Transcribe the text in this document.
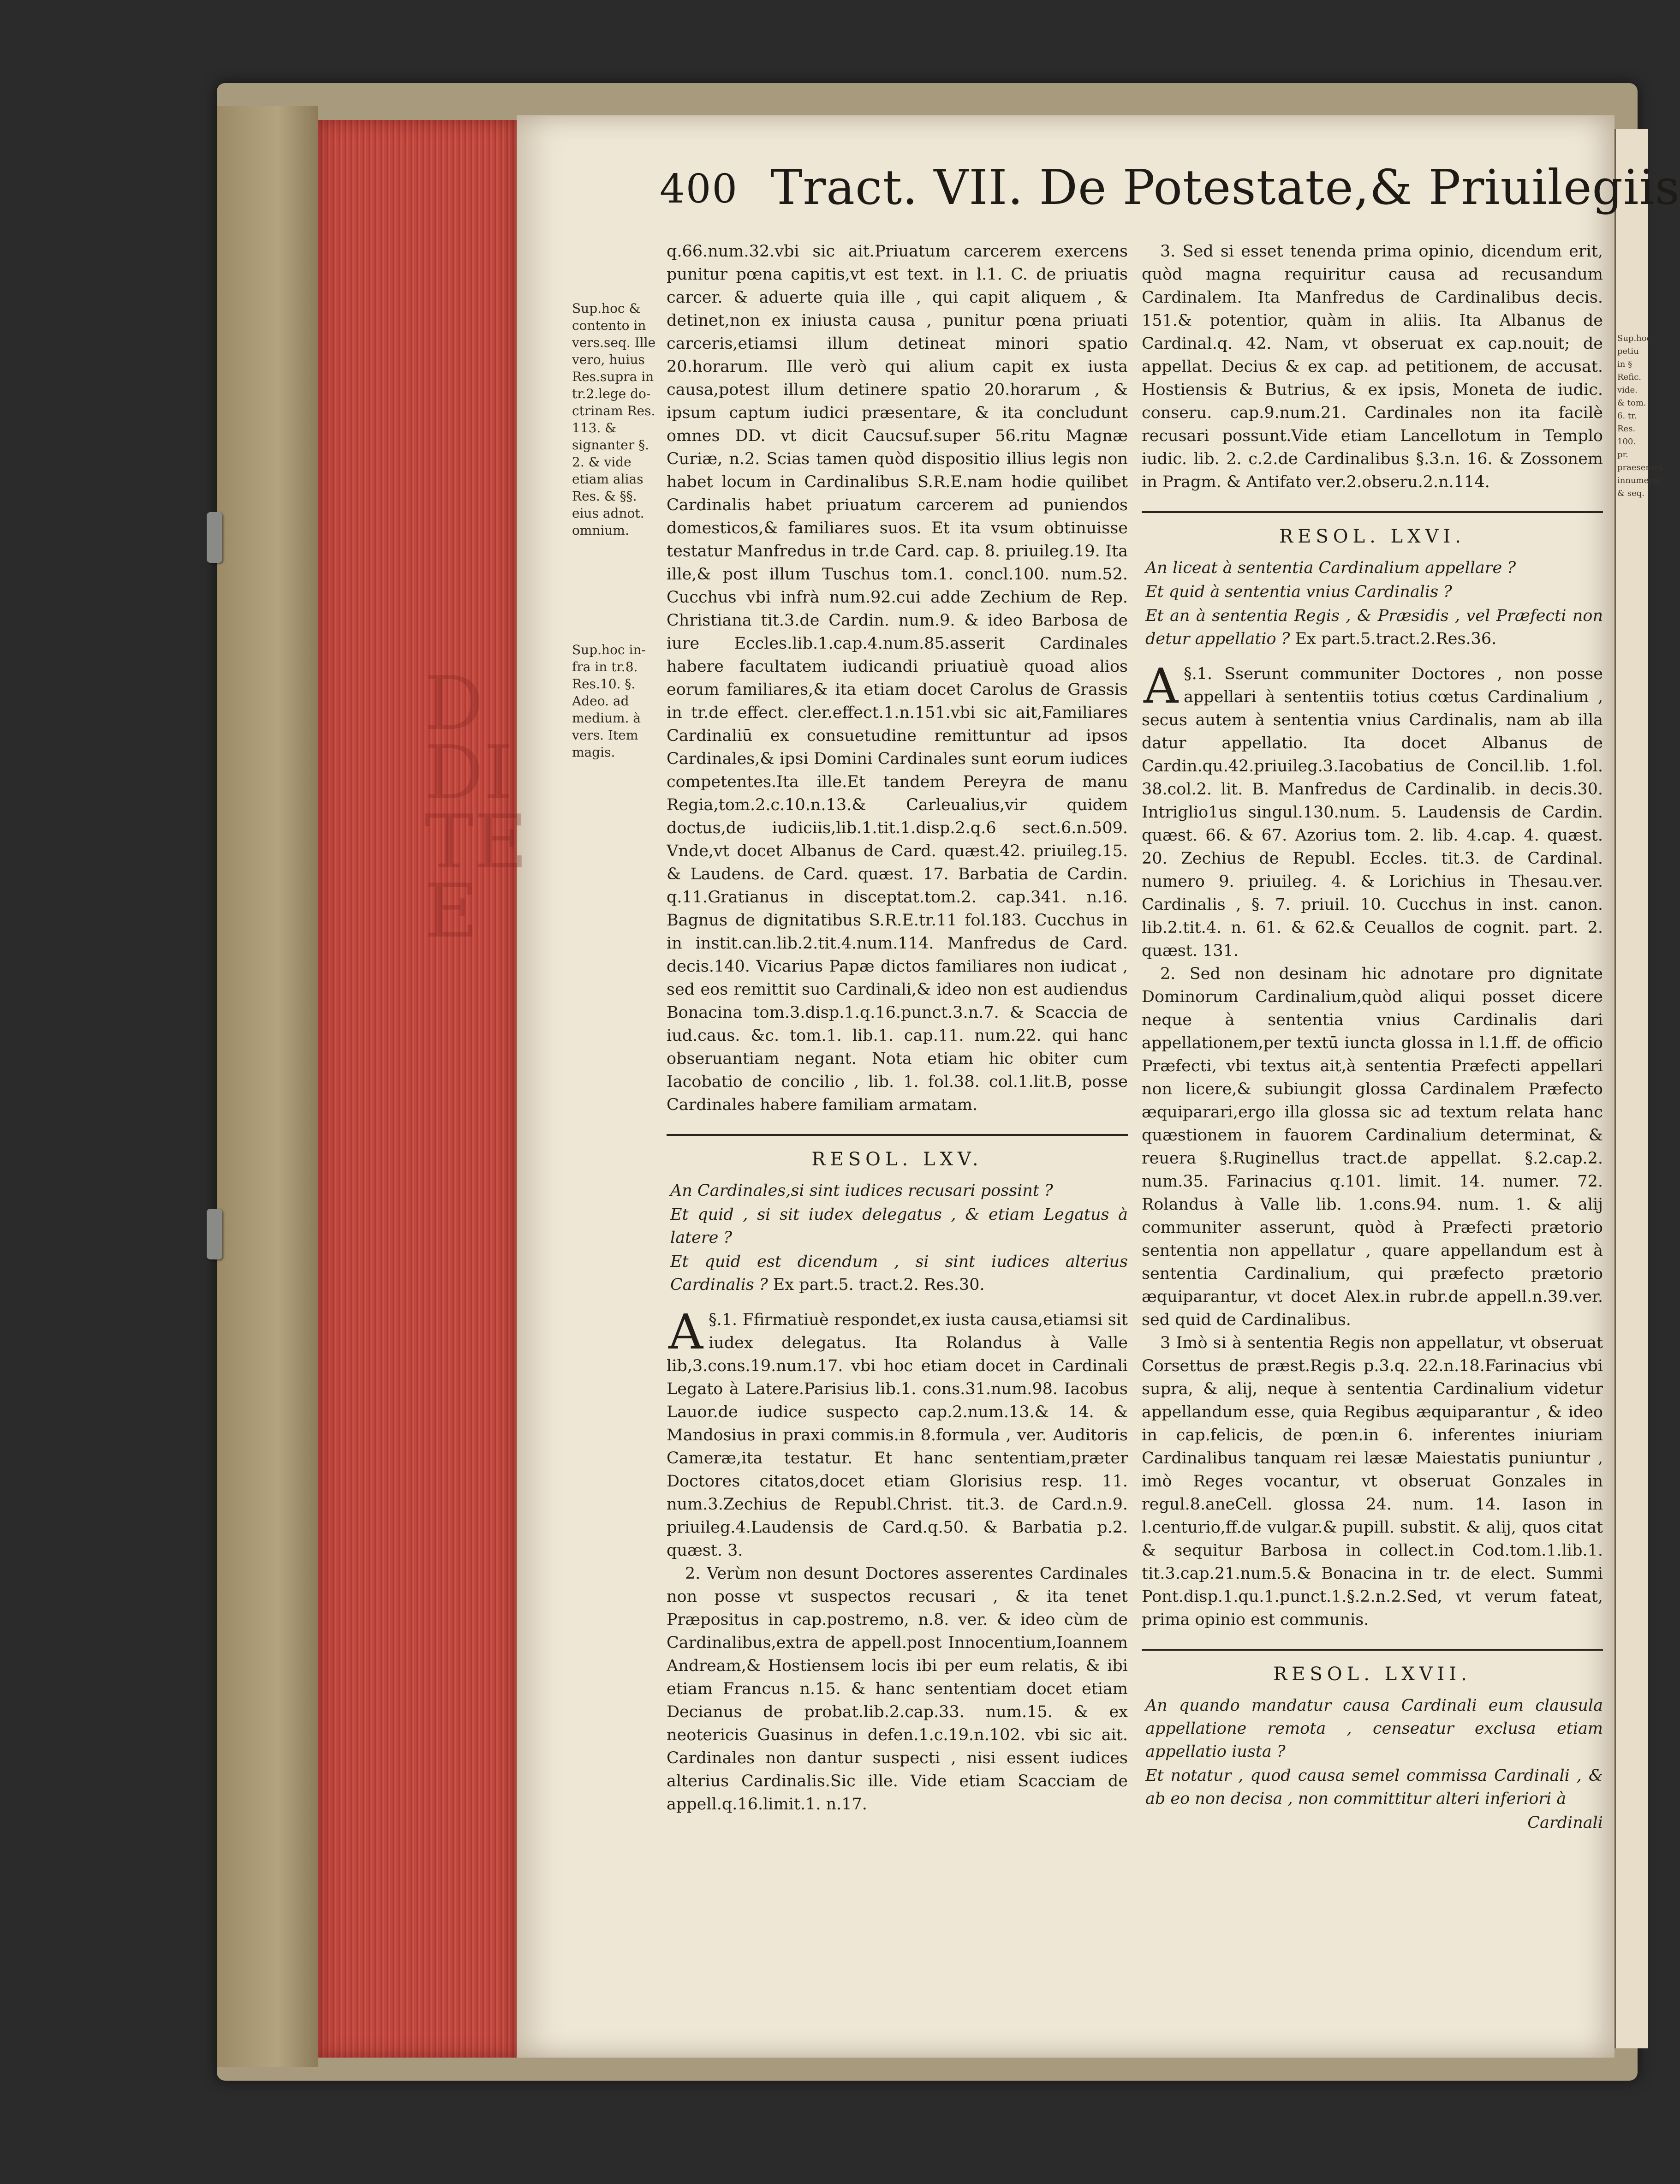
Sup.hoc petiu in § Refic. vide. & tom. 6. tr. Res. 100. pr. praesentet. innumerat. & seq.
D
DI
TE
E
400 Tract. VII. De Potestate,& Priuilegiis
Sup.hoc & contento in vers.seq. Ille vero, huius Res.supra in tr.2.lege do-ctrinam Res. 113. & signanter §. 2. & vide etiam alias Res. & §§. eius adnot. omnium.
Sup.hoc in-fra in tr.8. Res.10. §. Adeo. ad medium. à vers. Item magis.

q.66.num.32.vbi sic ait.Priuatum carcerem exercens punitur pœna capitis,vt est text. in l.1. C. de priuatis carcer. & aduerte quia ille , qui capit aliquem , & detinet,non ex iniusta causa , punitur pœna priuati carceris,etiamsi illum detineat minori spatio 20.horarum. Ille verò qui alium capit ex iusta causa,potest illum detinere spatio 20.horarum , & ipsum captum iudici præsentare, & ita concludunt omnes DD. vt dicit Caucsuf.super 56.ritu Magnæ Curiæ, n.2. Scias tamen quòd dispositio illius legis non habet locum in Cardinalibus S.R.E.nam hodie quilibet Cardinalis habet priuatum carcerem ad puniendos domesticos,& familiares suos. Et ita vsum obtinuisse testatur Manfredus in tr.de Card. cap. 8. priuileg.19. Ita ille,& post illum Tuschus tom.1. concl.100. num.52. Cucchus vbi infrà num.92.cui adde Zechium de Rep. Christiana tit.3.de Cardin. num.9. & ideo Barbosa de iure Eccles.lib.1.cap.4.num.85.asserit Cardinales habere facultatem iudicandi priuatiuè quoad alios eorum familiares,& ita etiam docet Carolus de Grassis in tr.de effect. cler.effect.1.n.151.vbi sic ait,Familiares Cardinaliū ex consuetudine remittuntur ad ipsos Cardinales,& ipsi Domini Cardinales sunt eorum iudices competentes.Ita ille.Et tandem Pereyra de manu Regia,tom.2.c.10.n.13.& Carleualius,vir quidem doctus,de iudiciis,lib.1.tit.1.disp.2.q.6 sect.6.n.509. Vnde,vt docet Albanus de Card. quæst.42. priuileg.15. & Laudens. de Card. quæst. 17. Barbatia de Cardin. q.11.Gratianus in disceptat.tom.2. cap.341. n.16. Bagnus de dignitatibus S.R.E.tr.11 fol.183. Cucchus in in instit.can.lib.2.tit.4.num.114. Manfredus de Card. decis.140. Vicarius Papæ dictos familiares non iudicat , sed eos remittit suo Cardinali,& ideo non est audiendus Bonacina tom.3.disp.1.q.16.punct.3.n.7. & Scaccia de iud.caus. &c. tom.1. lib.1. cap.11. num.22. qui hanc obseruantiam negant. Nota etiam hic obiter cum Iacobatio de concilio , lib. 1. fol.38. col.1.lit.B, posse Cardinales habere familiam armatam.

RESOL. LXV.

An Cardinales,si sint iudices recusari possint ?

Et quid , si sit iudex delegatus , & etiam Legatus à latere ?

Et quid est dicendum , si sint iudices alterius Cardinalis ? Ex part.5. tract.2. Res.30.

§.1.
A Ffirmatiuè respondet,ex iusta causa,etiamsi sit iudex delegatus. Ita Rolandus à Valle lib,3.cons.19.num.17. vbi hoc etiam docet in Cardinali Legato à Latere.Parisius lib.1. cons.31.num.98. Iacobus Lauor.de iudice suspecto cap.2.num.13.& 14. & Mandosius in praxi commis.in 8.formula , ver. Auditoris Cameræ,ita testatur. Et hanc sententiam,præter Doctores citatos,docet etiam Glorisius resp. 11. num.3.Zechius de Republ.Christ. tit.3. de Card.n.9. priuileg.4.Laudensis de Card.q.50. & Barbatia p.2. quæst. 3.

2. Verùm non desunt Doctores asserentes Cardinales non posse vt suspectos recusari , & ita tenet Præpositus in cap.postremo, n.8. ver. & ideo cùm de Cardinalibus,extra de appell.post Innocentium,Ioannem Andream,& Hostiensem locis ibi per eum relatis, & ibi etiam Francus n.15. & hanc sententiam docet etiam Decianus de probat.lib.2.cap.33. num.15. & ex neotericis Guasinus in defen.1.c.19.n.102. vbi sic ait. Cardinales non dantur suspecti , nisi essent iudices alterius Cardinalis.Sic ille. Vide etiam Scacciam de appell.q.16.limit.1. n.17.

3. Sed si esset tenenda prima opinio, dicendum erit, quòd magna requiritur causa ad recusandum Cardinalem. Ita Manfredus de Cardinalibus decis. 151.& potentior, quàm in aliis. Ita Albanus de Cardinal.q. 42. Nam, vt obseruat ex cap.nouit; de appellat. Decius & ex cap. ad petitionem, de accusat. Hostiensis & Butrius, & ex ipsis, Moneta de iudic. conseru. cap.9.num.21. Cardinales non ita facilè recusari possunt.Vide etiam Lancellotum in Templo iudic. lib. 2. c.2.de Cardinalibus §.3.n. 16. & Zossonem in Pragm. & Antifato ver.2.obseru.2.n.114.

RESOL. LXVI.

An liceat à sententia Cardinalium appellare ?

Et quid à sententia vnius Cardinalis ?

Et an à sententia Regis , & Præsidis , vel Præfecti non detur appellatio ? Ex part.5.tract.2.Res.36.

§.1.
A	Sserunt communiter Doctores , non posse appellari à sententiis totius cœtus Cardinalium , secus autem à sententia vnius Cardinalis, nam ab illa datur appellatio. Ita docet Albanus de Cardin.qu.42.priuileg.3.Iacobatius de Concil.lib. 1.fol. 38.col.2. lit. B. Manfredus de Cardinalib. in decis.30. Intriglio1us singul.130.num. 5. Laudensis de Cardin. quæst. 66. & 67. Azorius tom. 2. lib. 4.cap. 4. quæst. 20. Zechius de Republ. Eccles. tit.3. de Cardinal. numero 9. priuileg. 4. & Lorichius in Thesau.ver. Cardinalis , §. 7. priuil. 10. Cucchus in inst. canon. lib.2.tit.4. n. 61. & 62.& Ceuallos de cognit. part. 2. quæst. 131.

2. Sed non desinam hic adnotare pro dignitate Dominorum Cardinalium,quòd aliqui posset dicere neque à sententia vnius Cardinalis dari appellationem,per textū iuncta glossa in l.1.ff. de officio Præfecti, vbi textus ait,à sententia Præfecti appellari non licere,& subiungit glossa Cardinalem Præfecto æquiparari,ergo illa glossa sic ad textum relata hanc quæstionem in fauorem Cardinalium determinat, & reuera §.Ruginellus tract.de appellat. §.2.cap.2. num.35. Farinacius q.101. limit. 14. numer. 72. Rolandus à Valle lib. 1.cons.94. num. 1. & alij communiter asserunt, quòd à Præfecti prætorio sententia non appellatur , quare appellandum est à sententia Cardinalium, qui præfecto prætorio æquiparantur, vt docet Alex.in rubr.de appell.n.39.ver. sed quid de Cardinalibus.

3 Imò si à sententia Regis non appellatur, vt obseruat Corsettus de præst.Regis p.3.q. 22.n.18.Farinacius vbi supra, & alij, neque à sententia Cardinalium videtur appellandum esse, quia Regibus æquiparantur , & ideo in cap.felicis, de pœn.in 6. inferentes iniuriam Cardinalibus tanquam rei læsæ Maiestatis puniuntur , imò Reges vocantur, vt obseruat Gonzales in regul.8.aneCell. glossa 24. num. 14. Iason in l.centurio,ff.de vulgar.& pupill. substit. & alij, quos citat & sequitur Barbosa in collect.in Cod.tom.1.lib.1. tit.3.cap.21.num.5.& Bonacina in tr. de elect. Summi Pont.disp.1.qu.1.punct.1.§.2.n.2.Sed, vt verum fateat, prima opinio est communis.

RESOL. LXVII.

An quando mandatur causa Cardinali eum clausula appellatione remota , censeatur exclusa etiam appellatio iusta ?

Et notatur , quod causa semel commissa Cardinali , & ab eo non decisa , non committitur alteri inferiori à

Cardinali
